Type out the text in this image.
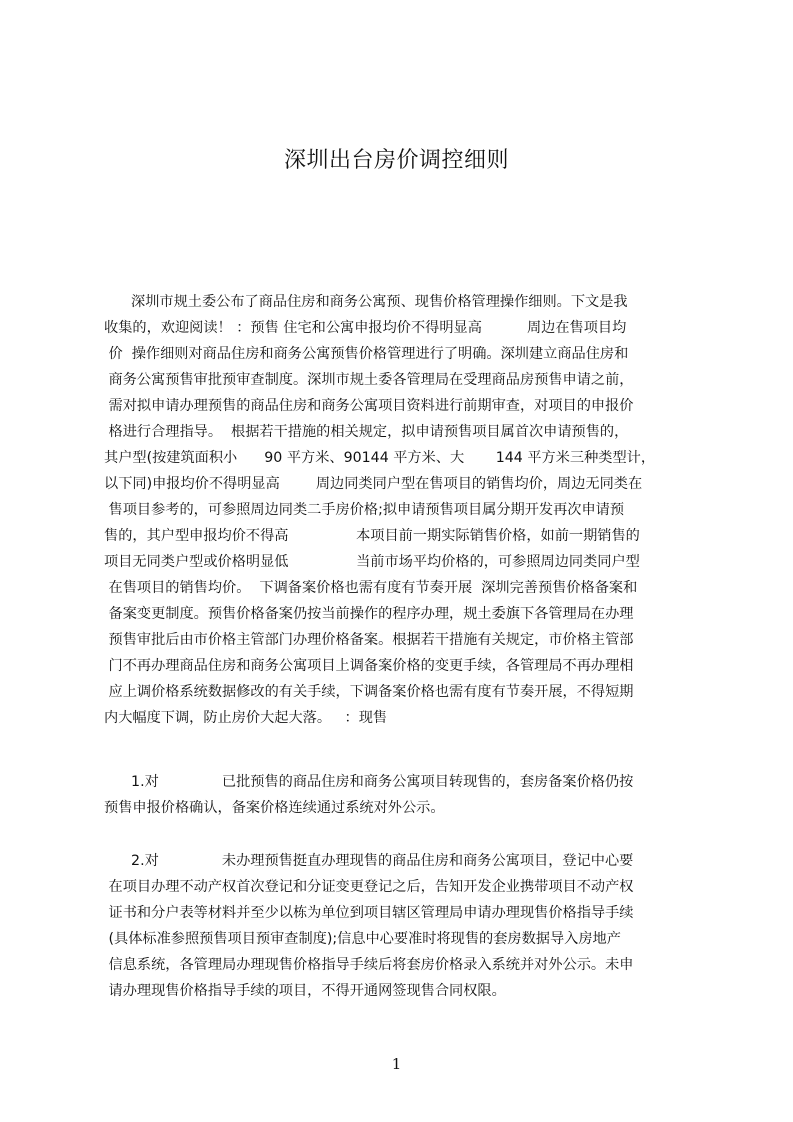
深圳出台房价调控细则
深圳市规土委公布了商品住房和商务公寓预、现售价格管理操作细则。下文是我
收集的，欢迎阅读！ ：预售 住宅和公寓申报均价不得明显高          周边在售项目均
价  操作细则对商品住房和商务公寓预售价格管理进行了明确。深圳建立商品住房和
商务公寓预售审批预审查制度。深圳市规土委各管理局在受理商品房预售申请之前，
需对拟申请办理预售的商品住房和商务公寓项目资料进行前期审查，对项目的申报价
格进行合理指导。  根据若干措施的相关规定，拟申请预售项目属首次申请预售的，
其户型(按建筑面积小      90 平方米、90144 平方米、大       144 平方米三种类型计，
以下同)申报均价不得明显高        周边同类同户型在售项目的销售均价，周边无同类在
售项目参考的，可参照周边同类二手房价格;拟申请预售项目属分期开发再次申请预
售的，其户型申报均价不得高               本项目前一期实际销售价格，如前一期销售的
项目无同类户型或价格明显低               当前市场平均价格的，可参照周边同类同户型
在售项目的销售均价。  下调备案价格也需有度有节奏开展  深圳完善预售价格备案和
备案变更制度。预售价格备案仍按当前操作的程序办理，规土委旗下各管理局在办理
预售审批后由市价格主管部门办理价格备案。根据若干措施有关规定，市价格主管部
门不再办理商品住房和商务公寓项目上调备案价格的变更手续，各管理局不再办理相
应上调价格系统数据修改的有关手续，下调备案价格也需有度有节奏开展，不得短期
内大幅度下调，防止房价大起大落。   ：现售
1.对              已批预售的商品住房和商务公寓项目转现售的，套房备案价格仍按
预售申报价格确认，备案价格连续通过系统对外公示。
2.对              未办理预售挺直办理现售的商品住房和商务公寓项目，登记中心要
在项目办理不动产权首次登记和分证变更登记之后，告知开发企业携带项目不动产权
证书和分户表等材料并至少以栋为单位到项目辖区管理局申请办理现售价格指导手续
(具体标准参照预售项目预审查制度);信息中心要准时将现售的套房数据导入房地产
信息系统，各管理局办理现售价格指导手续后将套房价格录入系统并对外公示。未申
请办理现售价格指导手续的项目，不得开通网签现售合同权限。
1
